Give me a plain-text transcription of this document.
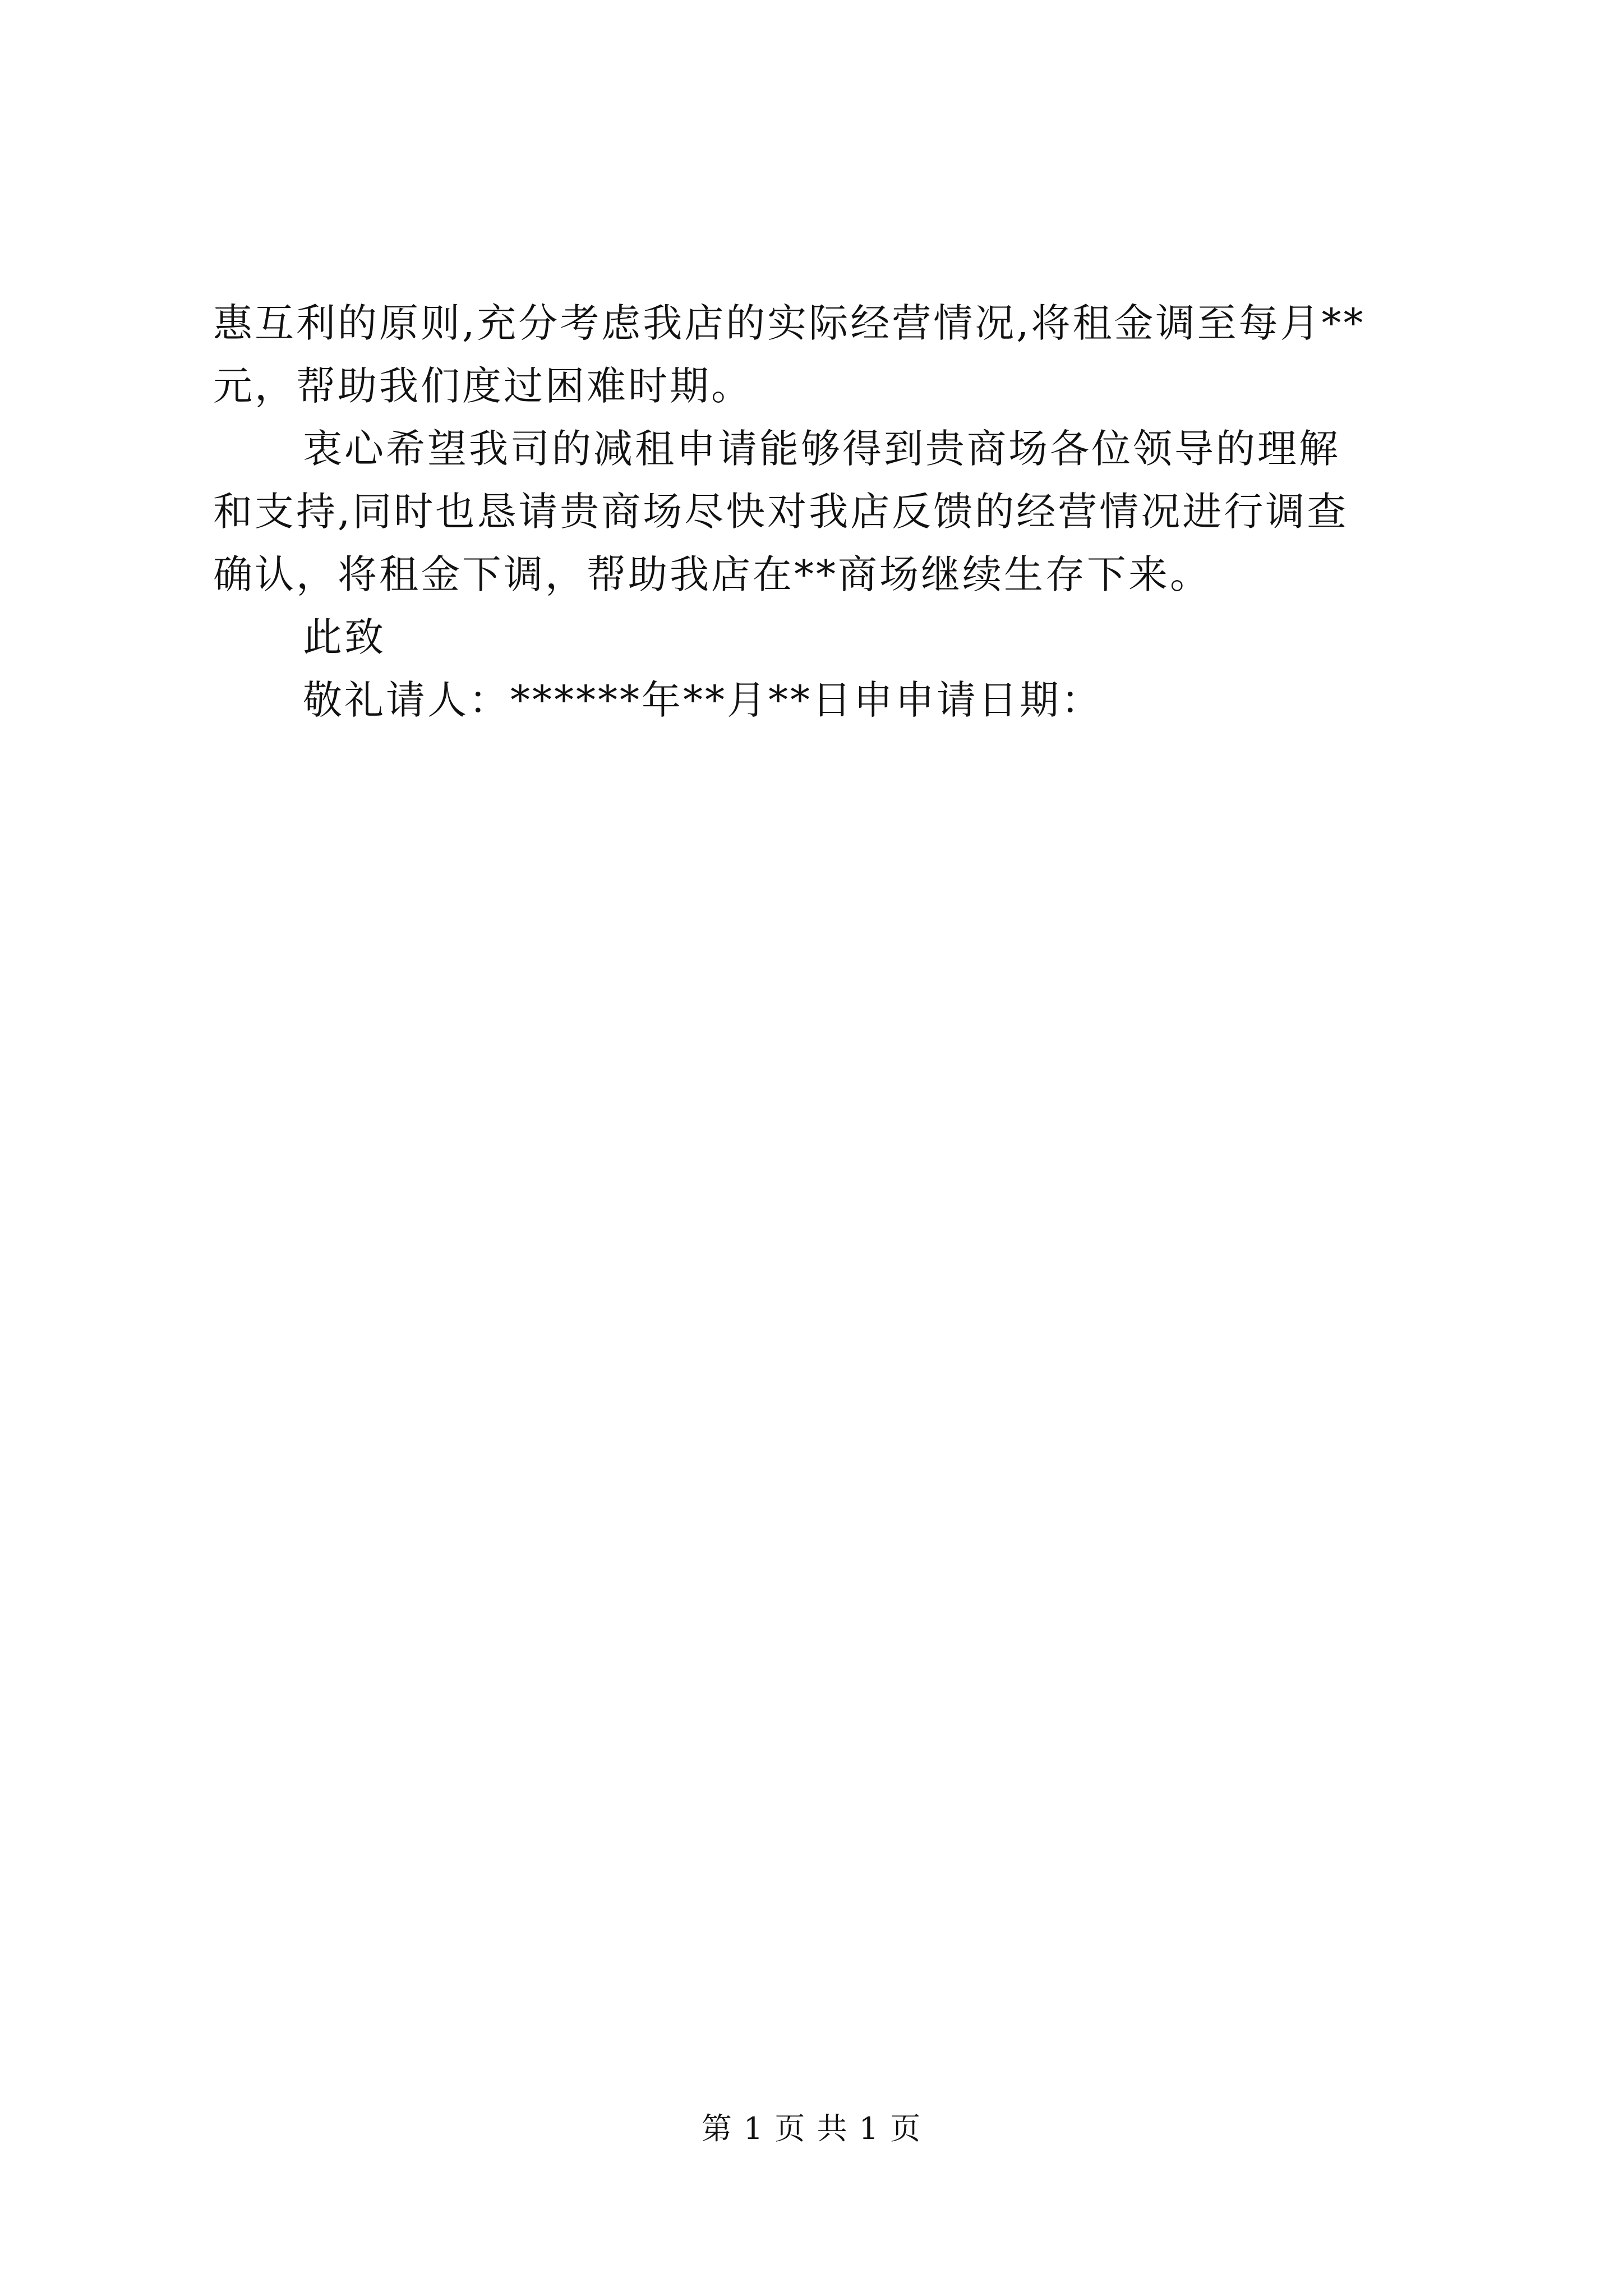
惠互利的原则,充分考虑我店的实际经营情况,将租金调至每月**

元，帮助我们度过困难时期。

衷心希望我司的减租申请能够得到贵商场各位领导的理解

和支持,同时也恳请贵商场尽快对我店反馈的经营情况进行调查

确认，将租金下调，帮助我店在**商场继续生存下来。

此致

敬礼请人：******年**月**日申申请日期：

第 1 页 共 1 页
